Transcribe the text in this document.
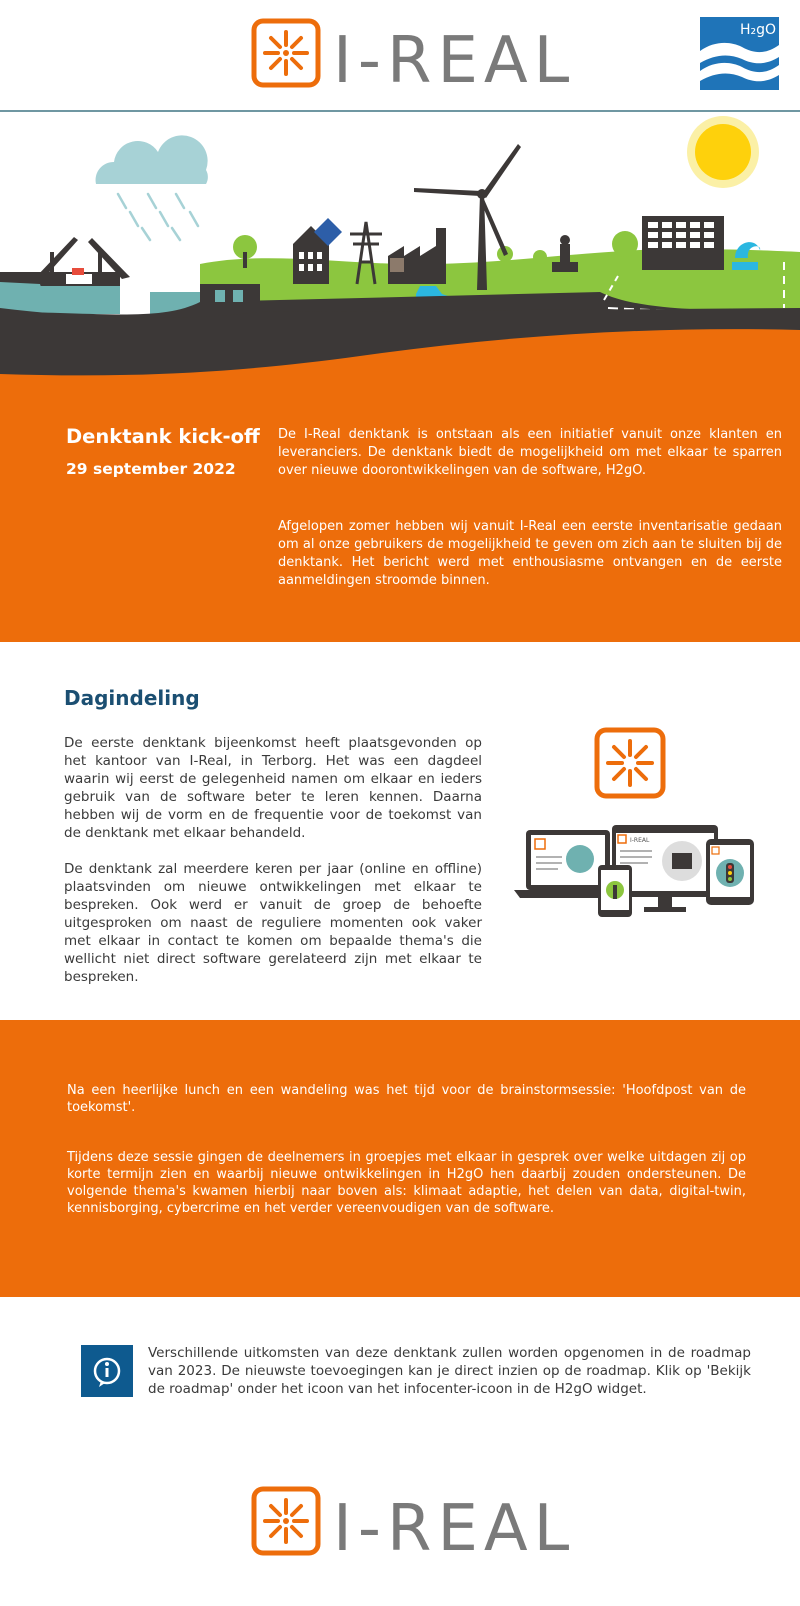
I-REAL	H₂gO
Denktank kick-off
29 september 2022
De I-Real denktank is ontstaan als een initiatief vanuit onze klanten en leveranciers. De denktank biedt de mogelijkheid om met elkaar te sparren over nieuwe doorontwikkelingen van de software, H2gO.
Afgelopen zomer hebben wij vanuit I-Real een eerste inventarisatie gedaan om al onze gebruikers de mogelijkheid te geven om zich aan te sluiten bij de denktank. Het bericht werd met enthousiasme ontvangen en de eerste aanmeldingen stroomde binnen.
Dagindeling
De eerste denktank bijeenkomst heeft plaatsgevonden op het kantoor van I-Real, in Terborg. Het was een dagdeel waarin wij eerst de gelegenheid namen om elkaar en ieders gebruik van de software beter te leren kennen. Daarna hebben wij de vorm en de frequentie voor de toekomst van de denktank met elkaar behandeld.
De denktank zal meerdere keren per jaar (online en offline) plaatsvinden om nieuwe ontwikkelingen met elkaar te bespreken. Ook werd er vanuit de groep de behoefte uitgesproken om naast de reguliere momenten ook vaker met elkaar in contact te komen om bepaalde thema's die wellicht niet direct software gerelateerd zijn met elkaar te bespreken.
I-REAL
Na een heerlijke lunch en een wandeling was het tijd voor de brainstormsessie: 'Hoofdpost van de toekomst'.
Tijdens deze sessie gingen de deelnemers in groepjes met elkaar in gesprek over welke uitdagen zij op korte termijn zien en waarbij nieuwe ontwikkelingen in H2gO hen daarbij zouden ondersteunen. De volgende thema's kwamen hierbij naar boven als: klimaat adaptie, het delen van data, digital-twin, kennisborging, cybercrime en het verder vereenvoudigen van de software.
Verschillende uitkomsten van deze denktank zullen worden opgenomen in de roadmap van 2023. De nieuwste toevoegingen kan je direct inzien op de roadmap. Klik op 'Bekijk de roadmap' onder het icoon van het infocenter-icoon in de H2gO widget.
I-REAL
